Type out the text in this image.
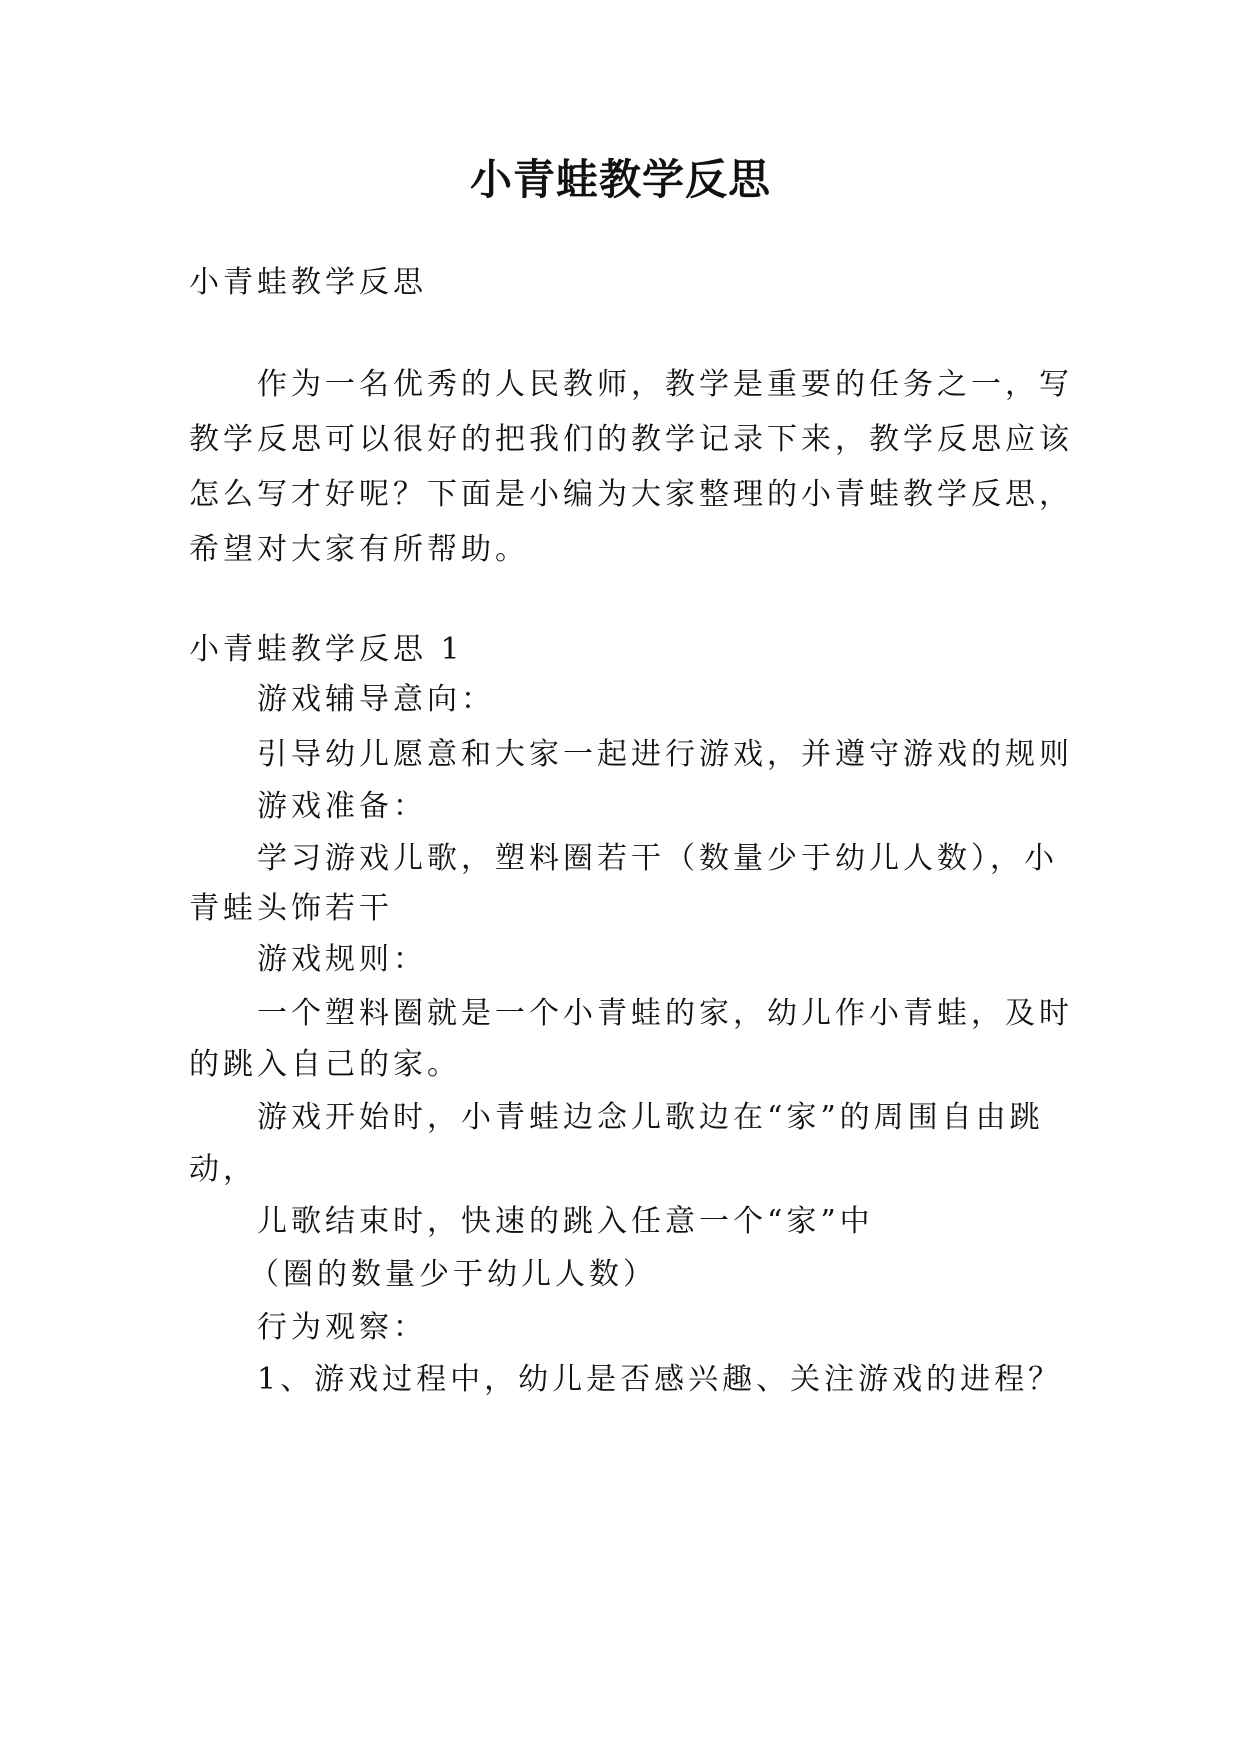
小青蛙教学反思
小青蛙教学反思
作为一名优秀的人民教师，教学是重要的任务之一，写
教学反思可以很好的把我们的教学记录下来，教学反思应该
怎么写才好呢？下面是小编为大家整理的小青蛙教学反思，
希望对大家有所帮助。
小青蛙教学反思 1
游戏辅导意向：
引导幼儿愿意和大家一起进行游戏，并遵守游戏的规则
游戏准备：
学习游戏儿歌，塑料圈若干（数量少于幼儿人数），小
青蛙头饰若干
游戏规则：
一个塑料圈就是一个小青蛙的家，幼儿作小青蛙，及时
的跳入自己的家。
游戏开始时，小青蛙边念儿歌边在“家”的周围自由跳
动，
儿歌结束时，快速的跳入任意一个“家”中
（圈的数量少于幼儿人数）
行为观察：
1、游戏过程中，幼儿是否感兴趣、关注游戏的进程？
